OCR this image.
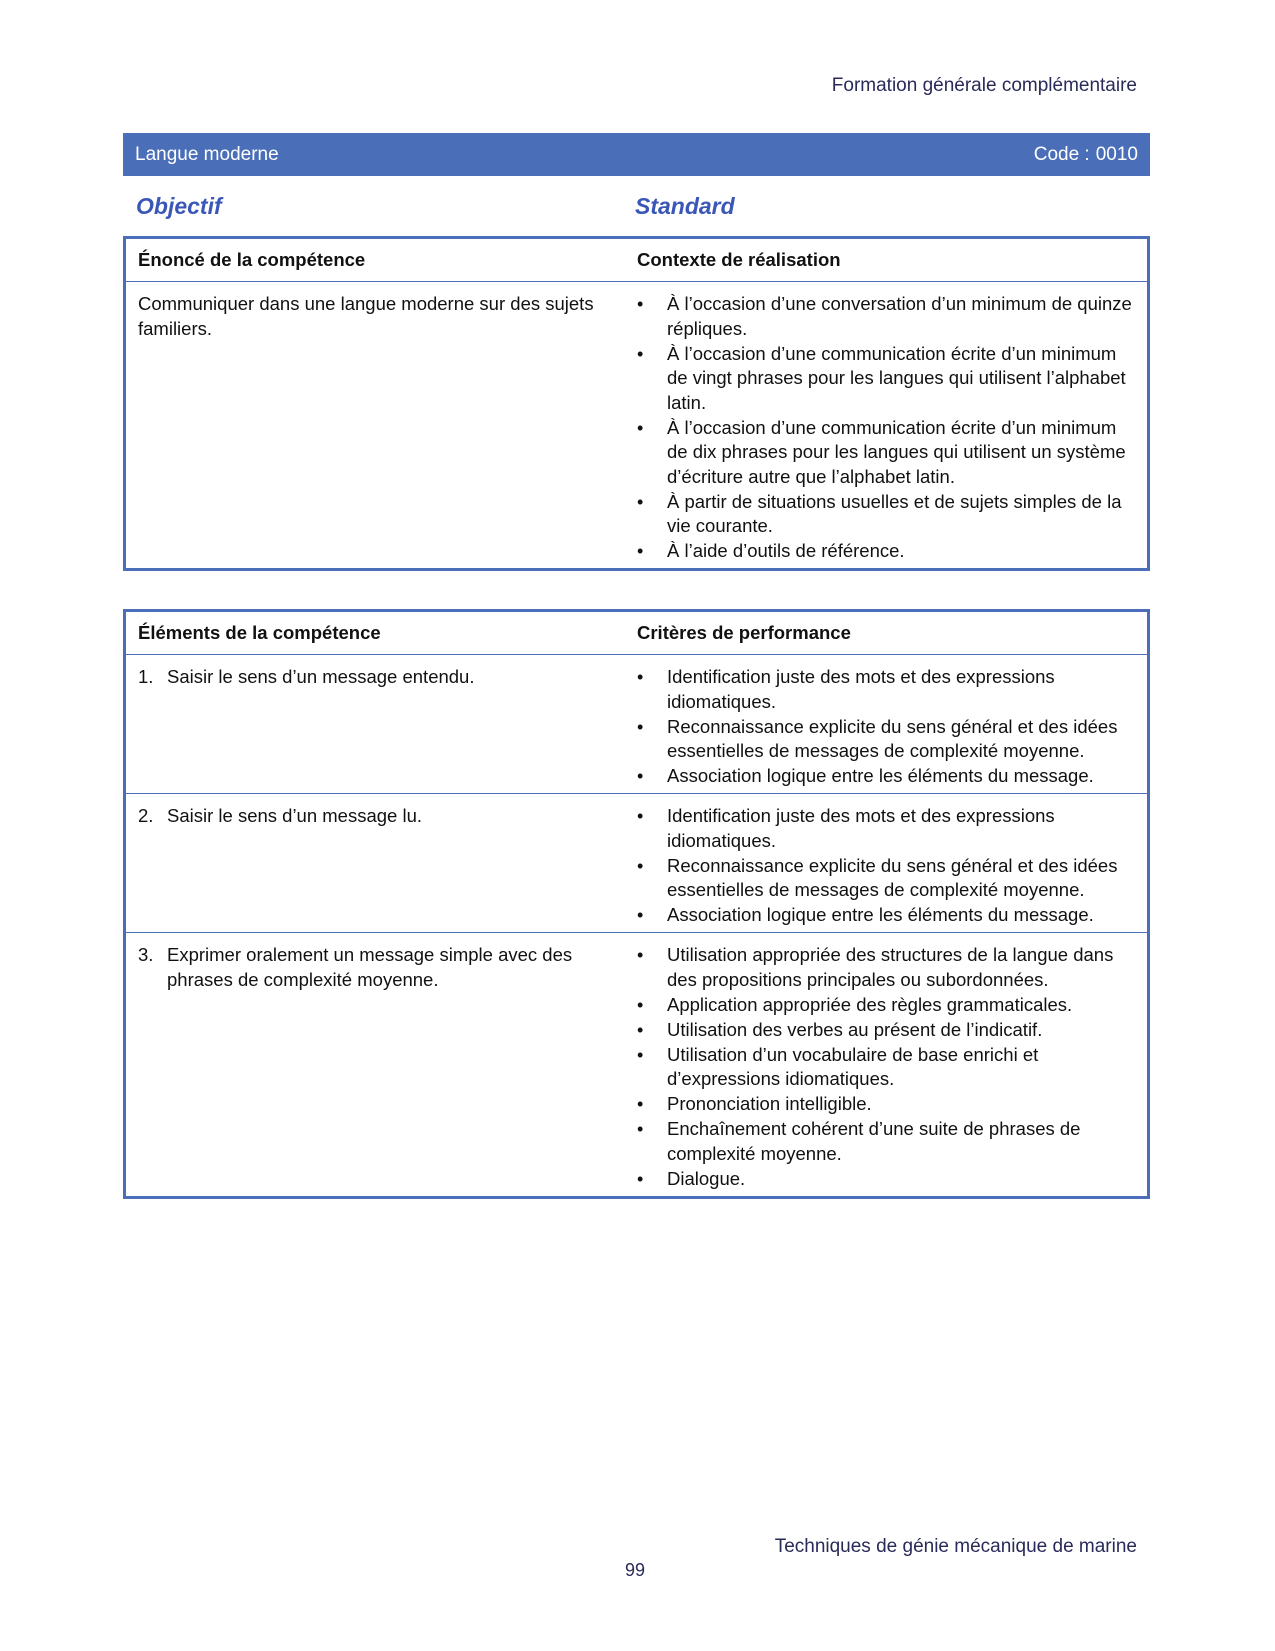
Formation générale complémentaire
Langue moderne	Code : 0010
Objectif	Standard
Énoncé de la compétence	Contexte de réalisation
Communiquer dans une langue moderne sur des sujets familiers.
• À l’occasion d’une conversation d’un minimum de quinze répliques.
• À l’occasion d’une communication écrite d’un minimum de vingt phrases pour les langues qui utilisent l’alphabet latin.
• À l’occasion d’une communication écrite d’un minimum de dix phrases pour les langues qui utilisent un système d’écriture autre que l’alphabet latin.
• À partir de situations usuelles et de sujets simples de la vie courante.
• À l’aide d’outils de référence.
Éléments de la compétence	Critères de performance
1. Saisir le sens d’un message entendu.	• Identification juste des mots et des expressions idiomatiques.
• Reconnaissance explicite du sens général et des idées essentielles de messages de complexité moyenne.
• Association logique entre les éléments du message.
2. Saisir le sens d’un message lu.	• Identification juste des mots et des expressions idiomatiques.
• Reconnaissance explicite du sens général et des idées essentielles de messages de complexité moyenne.
• Association logique entre les éléments du message.
3. Exprimer oralement un message simple avec des phrases de complexité moyenne.
• Utilisation appropriée des structures de la langue dans des propositions principales ou subordonnées.
• Application appropriée des règles grammaticales.
• Utilisation des verbes au présent de l’indicatif.
• Utilisation d’un vocabulaire de base enrichi et d’expressions idiomatiques.
• Prononciation intelligible.
• Enchaînement cohérent d’une suite de phrases de complexité moyenne.
• Dialogue.
Techniques de génie mécanique de marine
99
